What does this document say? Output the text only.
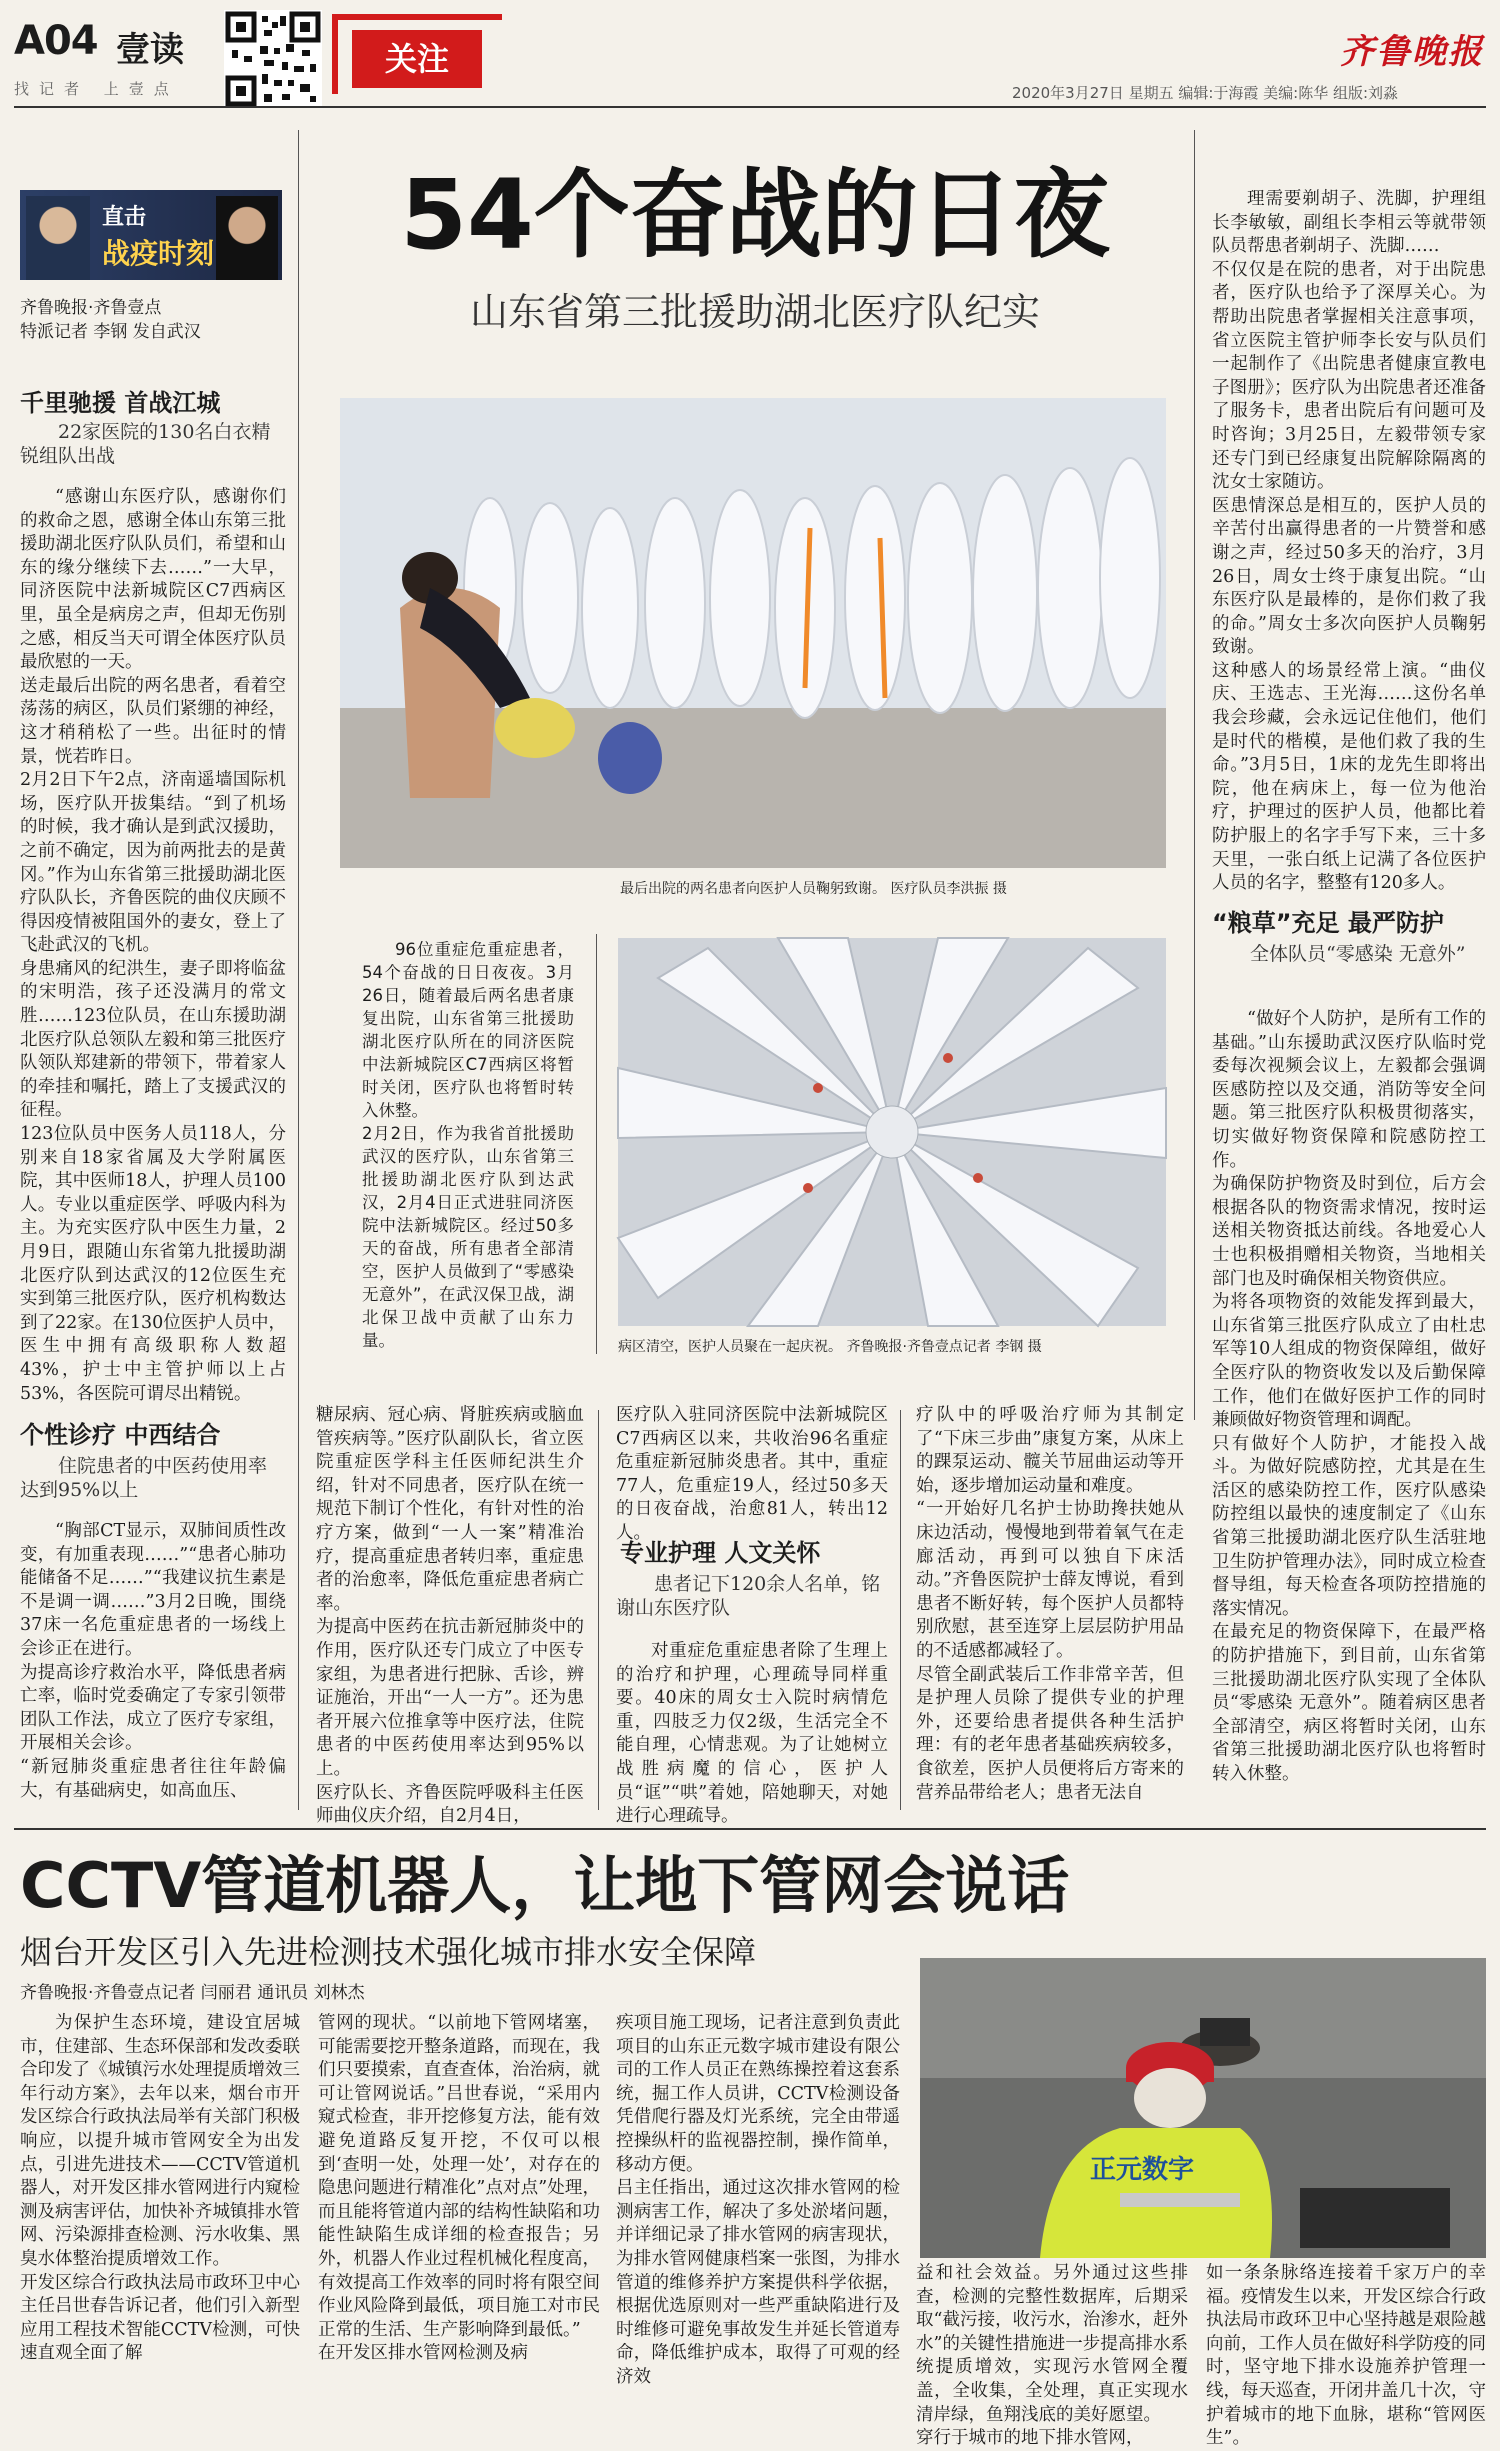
A04 壹读
找记者 上壹点
关注	齐鲁晚报
2020年3月27日 星期五 编辑:于海霞 美编:陈华 组版:刘淼
直击
战疫时刻
齐鲁晚报·齐鲁壹点
特派记者 李钢 发自武汉
54个奋战的日夜
山东省第三批援助湖北医疗队纪实
千里驰援 首战江城
22家医院的130名白衣精锐组队出战
“感谢山东医疗队，感谢你们的救命之恩，感谢全体山东第三批援助湖北医疗队队员们，希望和山东的缘分继续下去……”一大早，同济医院中法新城院区C7西病区里，虽全是病房之声，但却无伤别之感，相反当天可谓全体医疗队员最欣慰的一天。
送走最后出院的两名患者，看着空荡荡的病区，队员们紧绷的神经，这才稍稍松了一些。出征时的情景，恍若昨日。
2月2日下午2点，济南遥墙国际机场，医疗队开拔集结。“到了机场的时候，我才确认是到武汉援助，之前不确定，因为前两批去的是黄冈。”作为山东省第三批援助湖北医疗队队长，齐鲁医院的曲仪庆顾不得因疫情被阻国外的妻女，登上了飞赴武汉的飞机。
身患痛风的纪洪生，妻子即将临盆的宋明浩，孩子还没满月的常文胜……123位队员，在山东援助湖北医疗队总领队左毅和第三批医疗队领队郑建新的带领下，带着家人的牵挂和嘱托，踏上了支援武汉的征程。
123位队员中医务人员118人，分别来自18家省属及大学附属医院，其中医师18人，护理人员100人。专业以重症医学、呼吸内科为主。为充实医疗队中医生力量，2月9日，跟随山东省第九批援助湖北医疗队到达武汉的12位医生充实到第三批医疗队，医疗机构数达到了22家。在130位医护人员中，医生中拥有高级职称人数超43%，护士中主管护师以上占53%，各医院可谓尽出精锐。
最后出院的两名患者向医护人员鞠躬致谢。 医疗队员李洪振 摄
96位重症危重症患者，54个奋战的日日夜夜。3月26日，随着最后两名患者康复出院，山东省第三批援助湖北医疗队所在的同济医院中法新城院区C7西病区将暂时关闭，医疗队也将暂时转入休整。
2月2日，作为我省首批援助武汉的医疗队，山东省第三批援助湖北医疗队到达武汉，2月4日正式进驻同济医院中法新城院区。经过50多天的奋战，所有患者全部清空，医护人员做到了“零感染 无意外”，在武汉保卫战，湖北保卫战中贡献了山东力量。	病区清空，医护人员聚在一起庆祝。 齐鲁晚报·齐鲁壹点记者 李钢 摄
理需要剃胡子、洗脚，护理组长李敏敏，副组长李相云等就带领队员帮患者剃胡子、洗脚……
不仅仅是在院的患者，对于出院患者，医疗队也给予了深厚关心。为帮助出院患者掌握相关注意事项，省立医院主管护师李长安与队员们一起制作了《出院患者健康宣教电子图册》；医疗队为出院患者还准备了服务卡，患者出院后有问题可及时咨询；3月25日，左毅带领专家还专门到已经康复出院解除隔离的沈女士家随访。
医患情深总是相互的，医护人员的辛苦付出赢得患者的一片赞誉和感谢之声，经过50多天的治疗，3月26日，周女士终于康复出院。“山东医疗队是最棒的，是你们救了我的命。”周女士多次向医护人员鞠躬致谢。
这种感人的场景经常上演。“曲仪庆、王选志、王光海……这份名单我会珍藏，会永远记住他们，他们是时代的楷模，是他们救了我的生命。”3月5日，1床的龙先生即将出院，他在病床上，每一位为他治疗，护理过的医护人员，他都比着防护服上的名字手写下来，三十多天里，一张白纸上记满了各位医护人员的名字，整整有120多人。
“粮草”充足 最严防护
全体队员“零感染 无意外”
“做好个人防护，是所有工作的基础。”山东援助武汉医疗队临时党委每次视频会议上，左毅都会强调医感防控以及交通，消防等安全问题。第三批医疗队积极贯彻落实，切实做好物资保障和院感防控工作。
为确保防护物资及时到位，后方会根据各队的物资需求情况，按时运送相关物资抵达前线。各地爱心人士也积极捐赠相关物资，当地相关部门也及时确保相关物资供应。
为将各项物资的效能发挥到最大，山东省第三批医疗队成立了由杜忠军等10人组成的物资保障组，做好全医疗队的物资收发以及后勤保障工作，他们在做好医护工作的同时兼顾做好物资管理和调配。
只有做好个人防护，才能投入战斗。为做好院感防控，尤其是在生活区的感染防控工作，医疗队感染防控组以最快的速度制定了《山东省第三批援助湖北医疗队生活驻地卫生防护管理办法》，同时成立检查督导组，每天检查各项防控措施的落实情况。
在最充足的物资保障下，在最严格的防护措施下，到目前，山东省第三批援助湖北医疗队实现了全体队员“零感染 无意外”。随着病区患者全部清空，病区将暂时关闭，山东省第三批援助湖北医疗队也将暂时转入休整。
个性诊疗 中西结合
住院患者的中医药使用率达到95%以上
“胸部CT显示，双肺间质性改变，有加重表现……”“患者心肺功能储备不足……”“我建议抗生素是不是调一调……”3月2日晚，围绕37床一名危重症患者的一场线上会诊正在进行。
为提高诊疗救治水平，降低患者病亡率，临时党委确定了专家引领带团队工作法，成立了医疗专家组，开展相关会诊。
“新冠肺炎重症患者往往年龄偏大，有基础病史，如高血压、
糖尿病、冠心病、肾脏疾病或脑血管疾病等。”医疗队副队长，省立医院重症医学科主任医师纪洪生介绍，针对不同患者，医疗队在统一规范下制订个性化，有针对性的治疗方案，做到“一人一案”精准治疗，提高重症患者转归率，重症患者的治愈率，降低危重症患者病亡率。
为提高中医药在抗击新冠肺炎中的作用，医疗队还专门成立了中医专家组，为患者进行把脉、舌诊，辨证施治，开出“一人一方”。还为患者开展六位推拿等中医疗法，住院患者的中医药使用率达到95%以上。
医疗队长、齐鲁医院呼吸科主任医师曲仪庆介绍，自2月4日，
医疗队入驻同济医院中法新城院区C7西病区以来，共收治96名重症危重症新冠肺炎患者。其中，重症77人，危重症19人，经过50多天的日夜奋战，治愈81人，转出12人。
专业护理 人文关怀
患者记下120余人名单，铭谢山东医疗队
对重症危重症患者除了生理上的治疗和护理，心理疏导同样重要。40床的周女士入院时病情危重，四肢乏力仅2级，生活完全不能自理，心情悲观。为了让她树立战胜病魔的信心，医护人员“诓”“哄”着她，陪她聊天，对她进行心理疏导。
疗队中的呼吸治疗师为其制定了“下床三步曲”康复方案，从床上的踝泵运动、髋关节屈曲运动等开始，逐步增加运动量和难度。
“一开始好几名护士协助搀扶她从床边活动，慢慢地到带着氧气在走廊活动，再到可以独自下床活动。”齐鲁医院护士薛友博说，看到患者不断好转，每个医护人员都特别欣慰，甚至连穿上层层防护用品的不适感都减轻了。
尽管全副武装后工作非常辛苦，但是护理人员除了提供专业的护理外，还要给患者提供各种生活护理：有的老年患者基础疾病较多，食欲差，医护人员便将后方寄来的营养品带给老人；患者无法自
CCTV管道机器人，让地下管网会说话
烟台开发区引入先进检测技术强化城市排水安全保障
齐鲁晚报·齐鲁壹点记者 闫丽君 通讯员 刘林杰
正元数字
为保护生态环境，建设宜居城市，住建部、生态环保部和发改委联合印发了《城镇污水处理提质增效三年行动方案》，去年以来，烟台市开发区综合行政执法局举有关部门积极响应，以提升城市管网安全为出发点，引进先进技术——CCTV管道机器人，对开发区排水管网进行内窥检测及病害评估，加快补齐城镇排水管网、污染源排查检测、污水收集、黑臭水体整治提质增效工作。
开发区综合行政执法局市政环卫中心主任吕世春告诉记者，他们引入新型应用工程技术智能CCTV检测，可快速直观全面了解
管网的现状。“以前地下管网堵塞，可能需要挖开整条道路，而现在，我们只要摸索，直查查体，治治病，就可让管网说话。”吕世春说，“采用内窥式检查，非开挖修复方法，能有效避免道路反复开挖，不仅可以根到‘查明一处，处理一处’，对存在的隐患问题进行精准化”点对点”处理，而且能将管道内部的结构性缺陷和功能性缺陷生成详细的检查报告；另外，机器人作业过程机械化程度高，有效提高工作效率的同时将有限空间作业风险降到最低，项目施工对市民正常的生活、生产影响降到最低。”
在开发区排水管网检测及病
疾项目施工现场，记者注意到负责此项目的山东正元数字城市建设有限公司的工作人员正在熟练操控着这套系统，掘工作人员讲，CCTV检测设备凭借爬行器及灯光系统，完全由带遥控操纵杆的监视器控制，操作简单，移动方便。
吕主任指出，通过这次排水管网的检测病害工作，解决了多处淤堵问题，并详细记录了排水管网的病害现状，为排水管网健康档案一张图，为排水管道的维修养护方案提供科学依据，根据优选原则对一些严重缺陷进行及时维修可避免事故发生并延长管道寿命，降低维护成本，取得了可观的经济效
益和社会效益。另外通过这些排查，检测的完整性数据库，后期采取“截污接，收污水，治渗水，赶外水”的关键性措施进一步提高排水系统提质增效，实现污水管网全覆盖，全收集，全处理，真正实现水清岸绿，鱼翔浅底的美好愿望。
穿行于城市的地下排水管网，
如一条条脉络连接着千家万户的幸福。疫情发生以来，开发区综合行政执法局市政环卫中心坚持越是艰险越向前，工作人员在做好科学防疫的同时，坚守地下排水设施养护管理一线，每天巡查，开闭井盖几十次，守护着城市的地下血脉，堪称“管网医生”。
